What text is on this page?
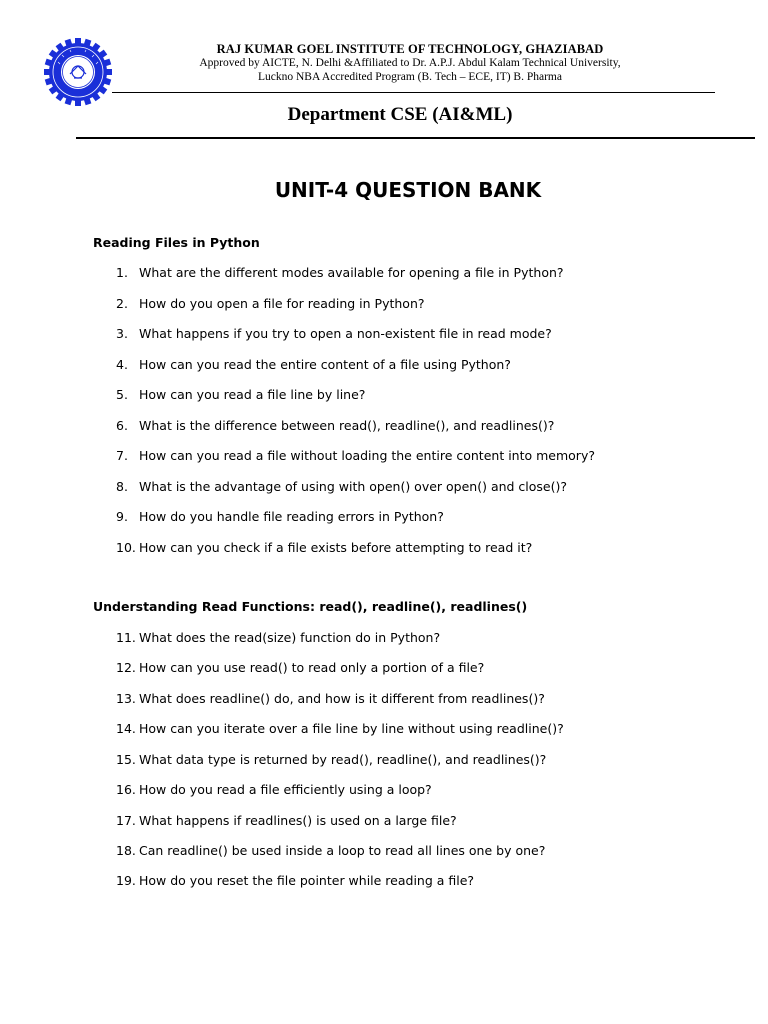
RAJ KUMAR GOEL INSTITUTE OF TECHNOLOGY, GHAZIABAD
Approved by AICTE, N. Delhi &Affiliated to Dr. A.P.J. Abdul Kalam Technical University,
Luckno NBA Accredited Program (B. Tech – ECE, IT) B. Pharma
Department CSE (AI&ML)
UNIT-4 QUESTION BANK
Reading Files in Python
1. What are the different modes available for opening a file in Python?
2. How do you open a file for reading in Python?
3. What happens if you try to open a non-existent file in read mode?
4. How can you read the entire content of a file using Python?
5. How can you read a file line by line?
6. What is the difference between read(), readline(), and readlines()?
7. How can you read a file without loading the entire content into memory?
8. What is the advantage of using with open() over open() and close()?
9. How do you handle file reading errors in Python?
10. How can you check if a file exists before attempting to read it?
Understanding Read Functions: read(), readline(), readlines()
11. What does the read(size) function do in Python?
12. How can you use read() to read only a portion of a file?
13. What does readline() do, and how is it different from readlines()?
14. How can you iterate over a file line by line without using readline()?
15. What data type is returned by read(), readline(), and readlines()?
16. How do you read a file efficiently using a loop?
17. What happens if readlines() is used on a large file?
18. Can readline() be used inside a loop to read all lines one by one?
19. How do you reset the file pointer while reading a file?
